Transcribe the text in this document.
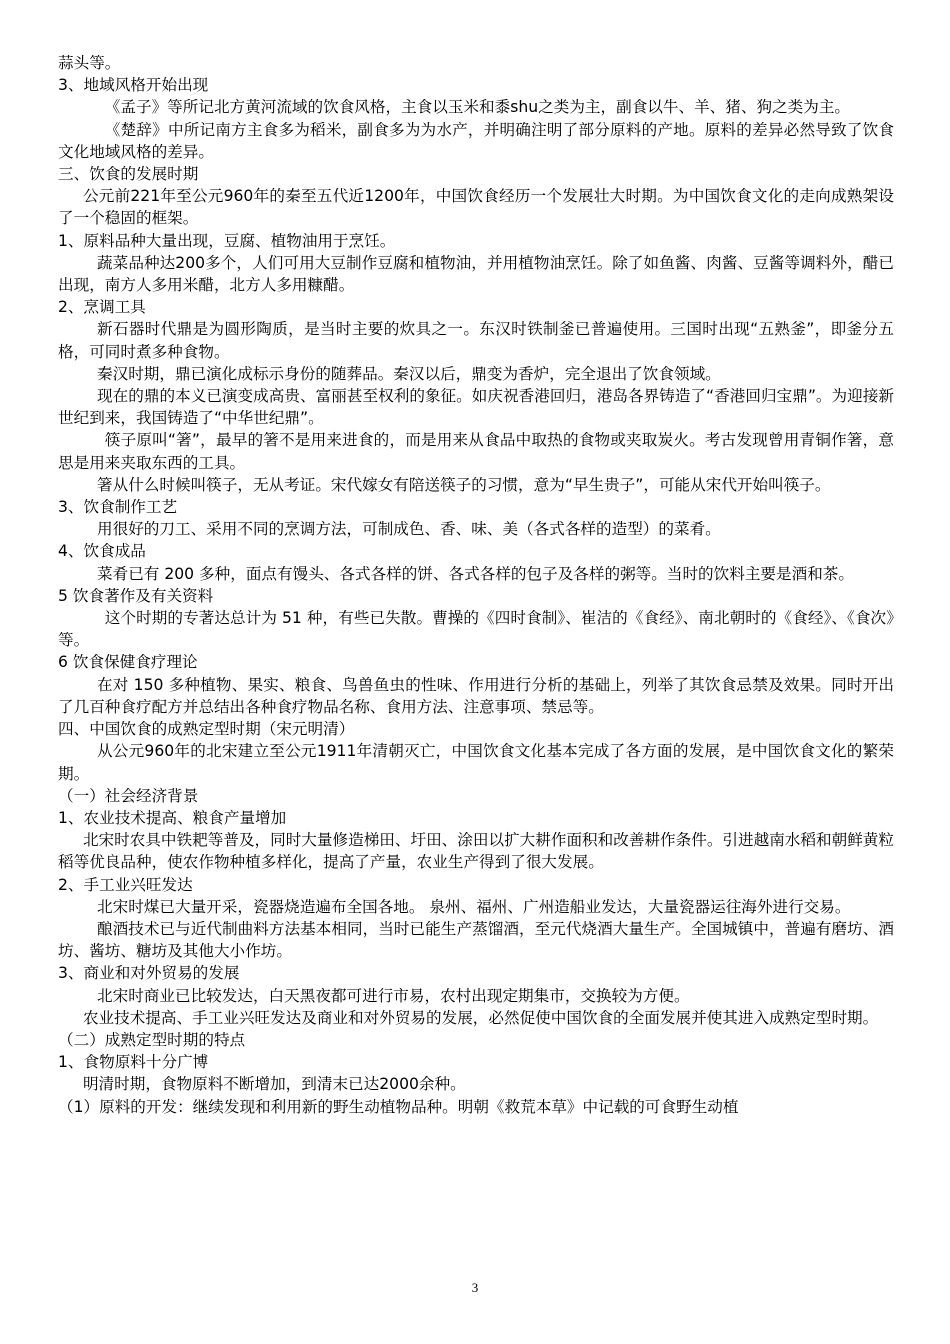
蒜头等。

3、地域风格开始出现

《孟子》等所记北方黄河流域的饮食风格，主食以玉米和黍shu之类为主，副食以牛、羊、猪、狗之类为主。

《楚辞》中所记南方主食多为稻米，副食多为为水产，并明确注明了部分原料的产地。原料的差异必然导致了饮食文化地域风格的差异。

三、饮食的发展时期

公元前221年至公元960年的秦至五代近1200年，中国饮食经历一个发展壮大时期。为中国饮食文化的走向成熟架设了一个稳固的框架。

1、原料品种大量出现，豆腐、植物油用于烹饪。

蔬菜品种达200多个，人们可用大豆制作豆腐和植物油，并用植物油烹饪。除了如鱼酱、肉酱、豆酱等调料外，醋已出现，南方人多用米醋，北方人多用糠醋。

2、烹调工具

新石器时代鼎是为圆形陶质，是当时主要的炊具之一。东汉时铁制釜已普遍使用。三国时出现“五熟釜”，即釜分五格，可同时煮多种食物。

秦汉时期，鼎已演化成标示身份的随葬品。秦汉以后，鼎变为香炉，完全退出了饮食领域。

现在的鼎的本义已演变成高贵、富丽甚至权利的象征。如庆祝香港回归，港岛各界铸造了“香港回归宝鼎”。为迎接新世纪到来，我国铸造了“中华世纪鼎”。

筷子原叫“箸”，最早的箸不是用来进食的，而是用来从食品中取热的食物或夹取炭火。考古发现曾用青铜作箸，意思是用来夹取东西的工具。

箸从什么时候叫筷子，无从考证。宋代嫁女有陪送筷子的习惯，意为“早生贵子”，可能从宋代开始叫筷子。

3、饮食制作工艺

用很好的刀工、采用不同的烹调方法，可制成色、香、味、美（各式各样的造型）的菜肴。

4、饮食成品

菜肴已有 200 多种，面点有馒头、各式各样的饼、各式各样的包子及各样的粥等。当时的饮料主要是酒和茶。

5 饮食著作及有关资料

这个时期的专著达总计为 51 种，有些已失散。曹操的《四时食制》、崔洁的《食经》、南北朝时的《食经》、《食次》等。

6 饮食保健食疗理论

在对 150 多种植物、果实、粮食、鸟兽鱼虫的性味、作用进行分析的基础上，列举了其饮食忌禁及效果。同时开出了几百种食疗配方并总结出各种食疗物品名称、食用方法、注意事项、禁忌等。

四、中国饮食的成熟定型时期（宋元明清）

从公元960年的北宋建立至公元1911年清朝灭亡，中国饮食文化基本完成了各方面的发展，是中国饮食文化的繁荣期。

（一）社会经济背景

1、农业技术提高、粮食产量增加

北宋时农具中铁耙等普及，同时大量修造梯田、圩田、涂田以扩大耕作面积和改善耕作条件。引进越南水稻和朝鲜黄粒稻等优良品种，使农作物种植多样化，提高了产量，农业生产得到了很大发展。

2、手工业兴旺发达

北宋时煤已大量开采，瓷器烧造遍布全国各地。 泉州、福州、广州造船业发达，大量瓷器运往海外进行交易。

酿酒技术已与近代制曲料方法基本相同，当时已能生产蒸馏酒，至元代烧酒大量生产。全国城镇中，普遍有磨坊、酒坊、酱坊、糖坊及其他大小作坊。

3、商业和对外贸易的发展

北宋时商业已比较发达，白天黑夜都可进行市易，农村出现定期集市，交换较为方便。

农业技术提高、手工业兴旺发达及商业和对外贸易的发展，必然促使中国饮食的全面发展并使其进入成熟定型时期。

（二）成熟定型时期的特点

1、食物原料十分广博

明清时期，食物原料不断增加，到清末已达2000余种。

（1）原料的开发：继续发现和利用新的野生动植物品种。明朝《救荒本草》中记载的可食野生动植

3
